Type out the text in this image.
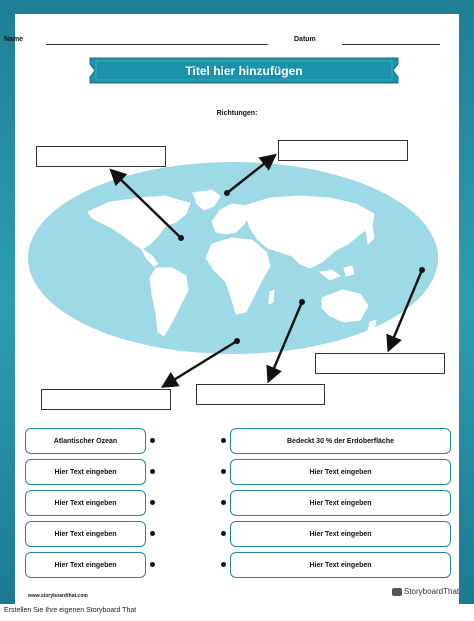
Name	Datum
Titel hier hinzufügen
Richtungen:
Atlantischer Ozean
Hier Text eingeben
Hier Text eingeben
Hier Text eingeben
Hier Text eingeben
Bedeckt 30 % der Erdoberfläche
Hier Text eingeben
Hier Text eingeben
Hier Text eingeben
Hier Text eingeben
www.storyboardthat.com	StoryboardThat
Erstellen Sie Ihre eigenen Storyboard That
